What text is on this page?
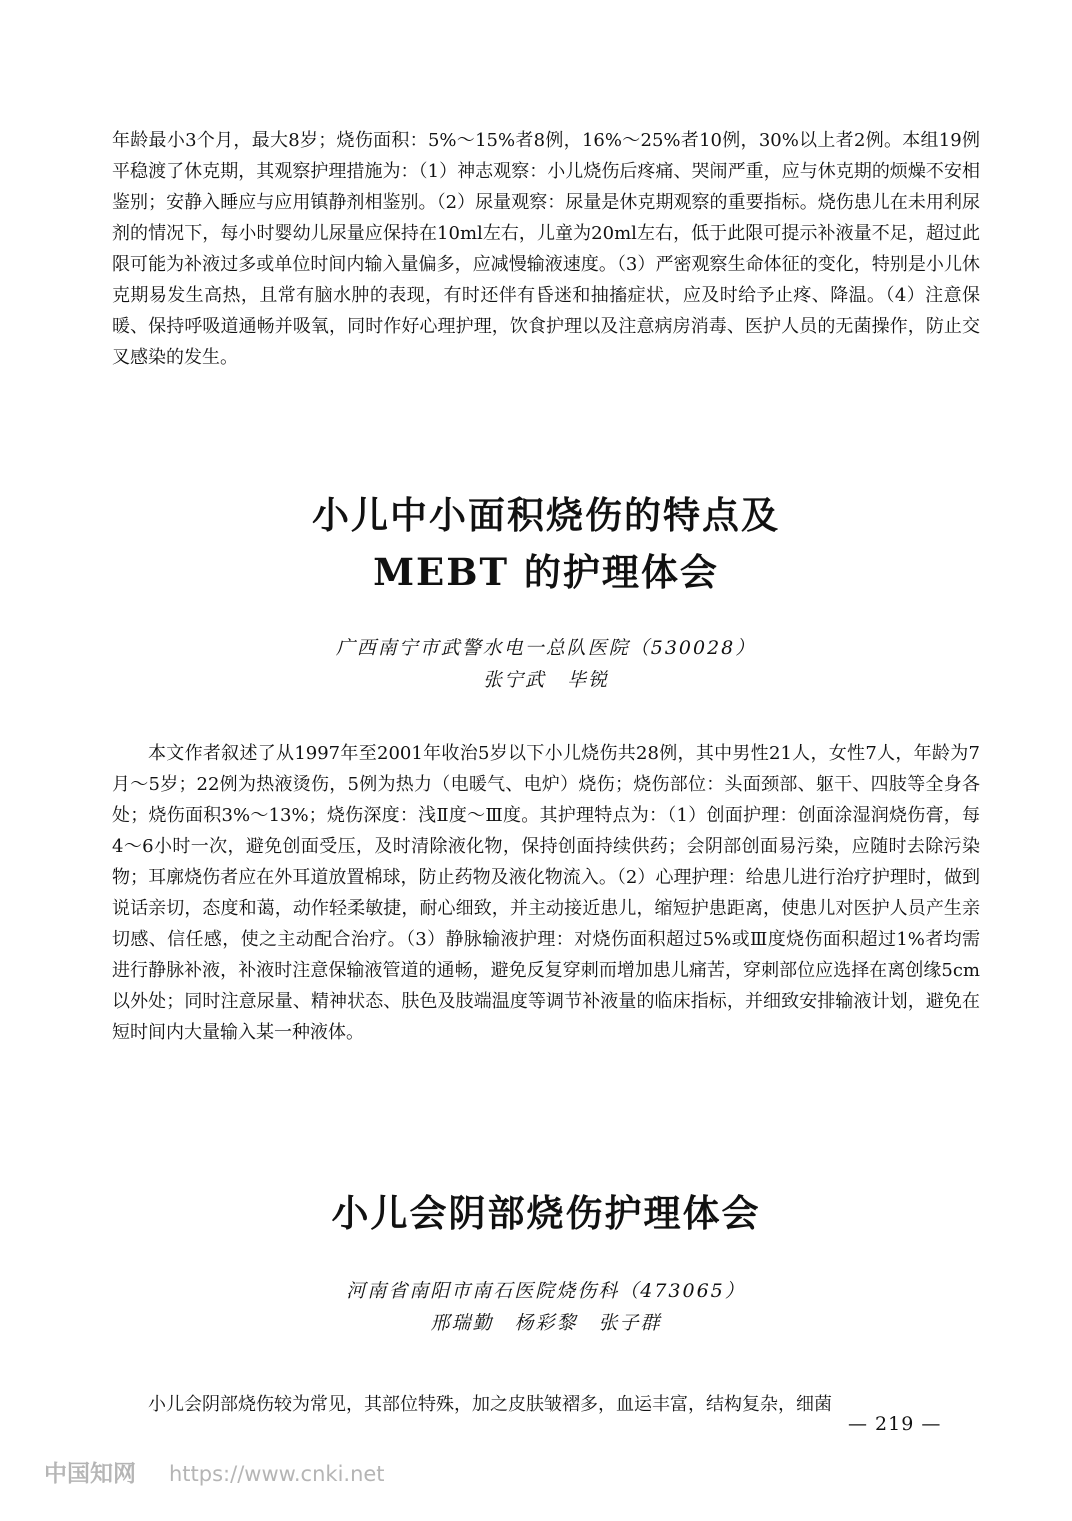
年龄最小3个月，最大8岁；烧伤面积：5%～15%者8例，16%～25%者10例，30%以上者2例。本组19例平稳渡了休克期，其观察护理措施为：（1）神志观察：小儿烧伤后疼痛、哭闹严重，应与休克期的烦燥不安相鉴别；安静入睡应与应用镇静剂相鉴别。（2）尿量观察：尿量是休克期观察的重要指标。烧伤患儿在未用利尿剂的情况下，每小时婴幼儿尿量应保持在10ml左右，儿童为20ml左右，低于此限可提示补液量不足，超过此限可能为补液过多或单位时间内输入量偏多，应减慢输液速度。（3）严密观察生命体征的变化，特别是小儿休克期易发生高热，且常有脑水肿的表现，有时还伴有昏迷和抽搐症状，应及时给予止疼、降温。（4）注意保暖、保持呼吸道通畅并吸氧，同时作好心理护理，饮食护理以及注意病房消毒、医护人员的无菌操作，防止交叉感染的发生。

小儿中小面积烧伤的特点及
MEBT 的护理体会
广西南宁市武警水电一总队医院（530028）
张宁武　毕锐

本文作者叙述了从1997年至2001年收治5岁以下小儿烧伤共28例，其中男性21人，女性7人，年龄为7月～5岁；22例为热液烫伤，5例为热力（电暖气、电炉）烧伤；烧伤部位：头面颈部、躯干、四肢等全身各处；烧伤面积3%～13%；烧伤深度：浅Ⅱ度～Ⅲ度。其护理特点为：（1）创面护理：创面涂湿润烧伤膏，每4～6小时一次，避免创面受压，及时清除液化物，保持创面持续供药；会阴部创面易污染，应随时去除污染物；耳廓烧伤者应在外耳道放置棉球，防止药物及液化物流入。（2）心理护理：给患儿进行治疗护理时，做到说话亲切，态度和蔼，动作轻柔敏捷，耐心细致，并主动接近患儿，缩短护患距离，使患儿对医护人员产生亲切感、信任感，使之主动配合治疗。（3）静脉输液护理：对烧伤面积超过5%或Ⅲ度烧伤面积超过1%者均需进行静脉补液，补液时注意保输液管道的通畅，避免反复穿刺而增加患儿痛苦，穿刺部位应选择在离创缘5cm以外处；同时注意尿量、精神状态、肤色及肢端温度等调节补液量的临床指标，并细致安排输液计划，避免在短时间内大量输入某一种液体。

小儿会阴部烧伤护理体会
河南省南阳市南石医院烧伤科（473065）
邢瑞勤　杨彩黎　张子群

小儿会阴部烧伤较为常见，其部位特殊，加之皮肤皱褶多，血运丰富，结构复杂，细菌

— 219 —
中国知网 https://www.cnki.net
